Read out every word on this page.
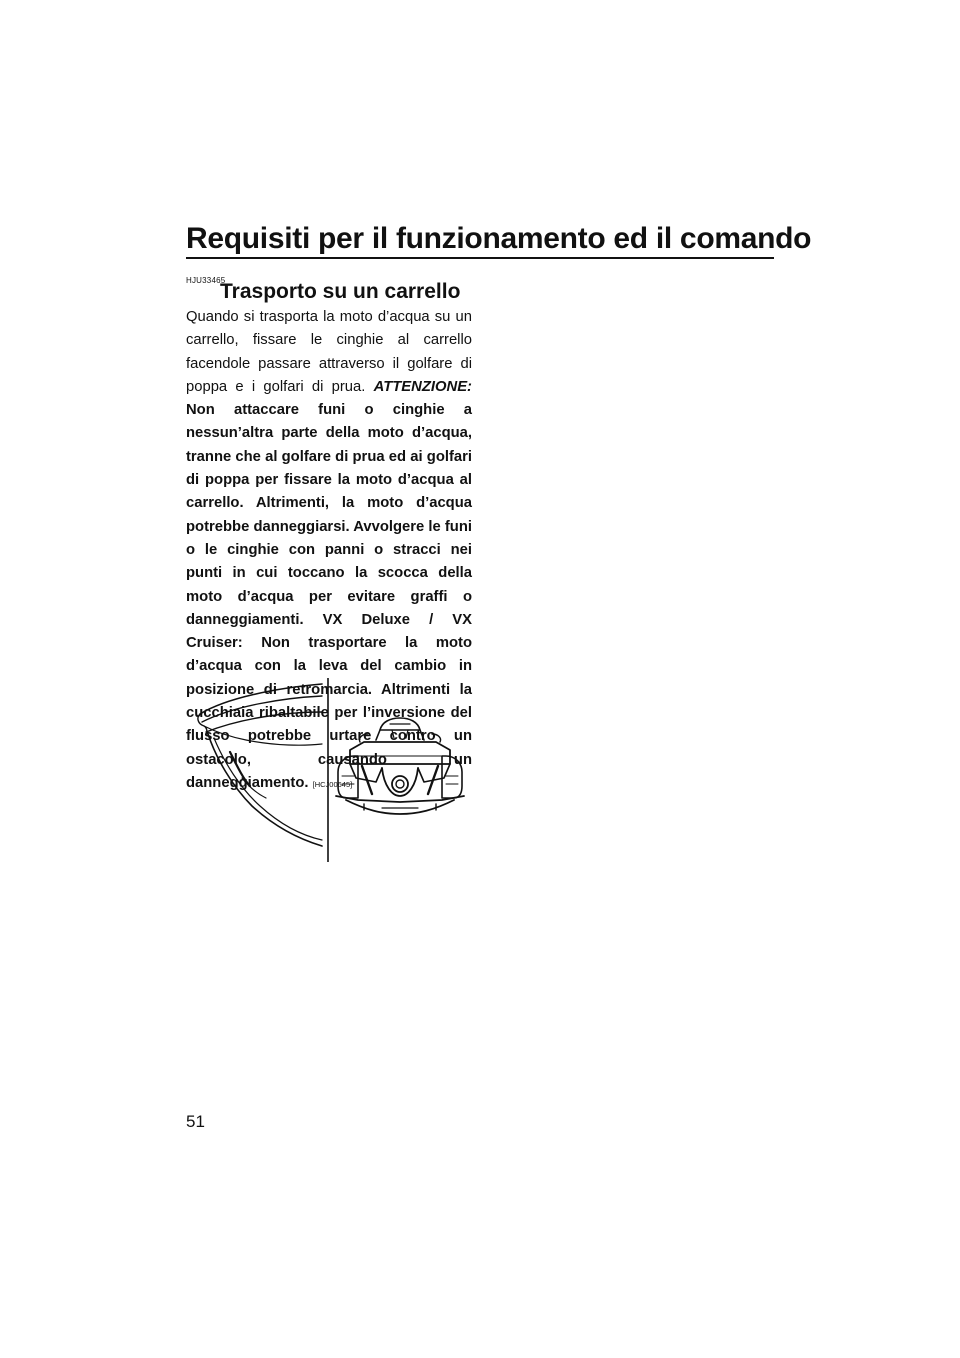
Requisiti per il funzionamento ed il comando
HJU33465
Trasporto su un carrello

Quando si trasporta la moto d’acqua su un carrello, fissare le cinghie al carrello facendole passare attraverso il golfare di poppa e i golfari di prua. ATTENZIONE: Non attaccare funi o cinghie a nessun’altra parte della moto d’acqua, tranne che al golfare di prua ed ai golfari di poppa per fissare la moto d’acqua al carrello. Altrimenti, la moto d’acqua potrebbe danneggiarsi. Avvolgere le funi o le cinghie con panni o stracci nei punti in cui toccano la scocca della moto d’acqua per evitare graffi o danneggiamenti. VX Deluxe / VX Cruiser: Non trasportare la moto d’acqua con la leva del cambio in posizione di retromarcia. Altrimenti la cucchiaia ribaltabile per l’inversione del flusso potrebbe urtare contro un ostacolo, causando un danneggiamento. [HCJ00645]

51
